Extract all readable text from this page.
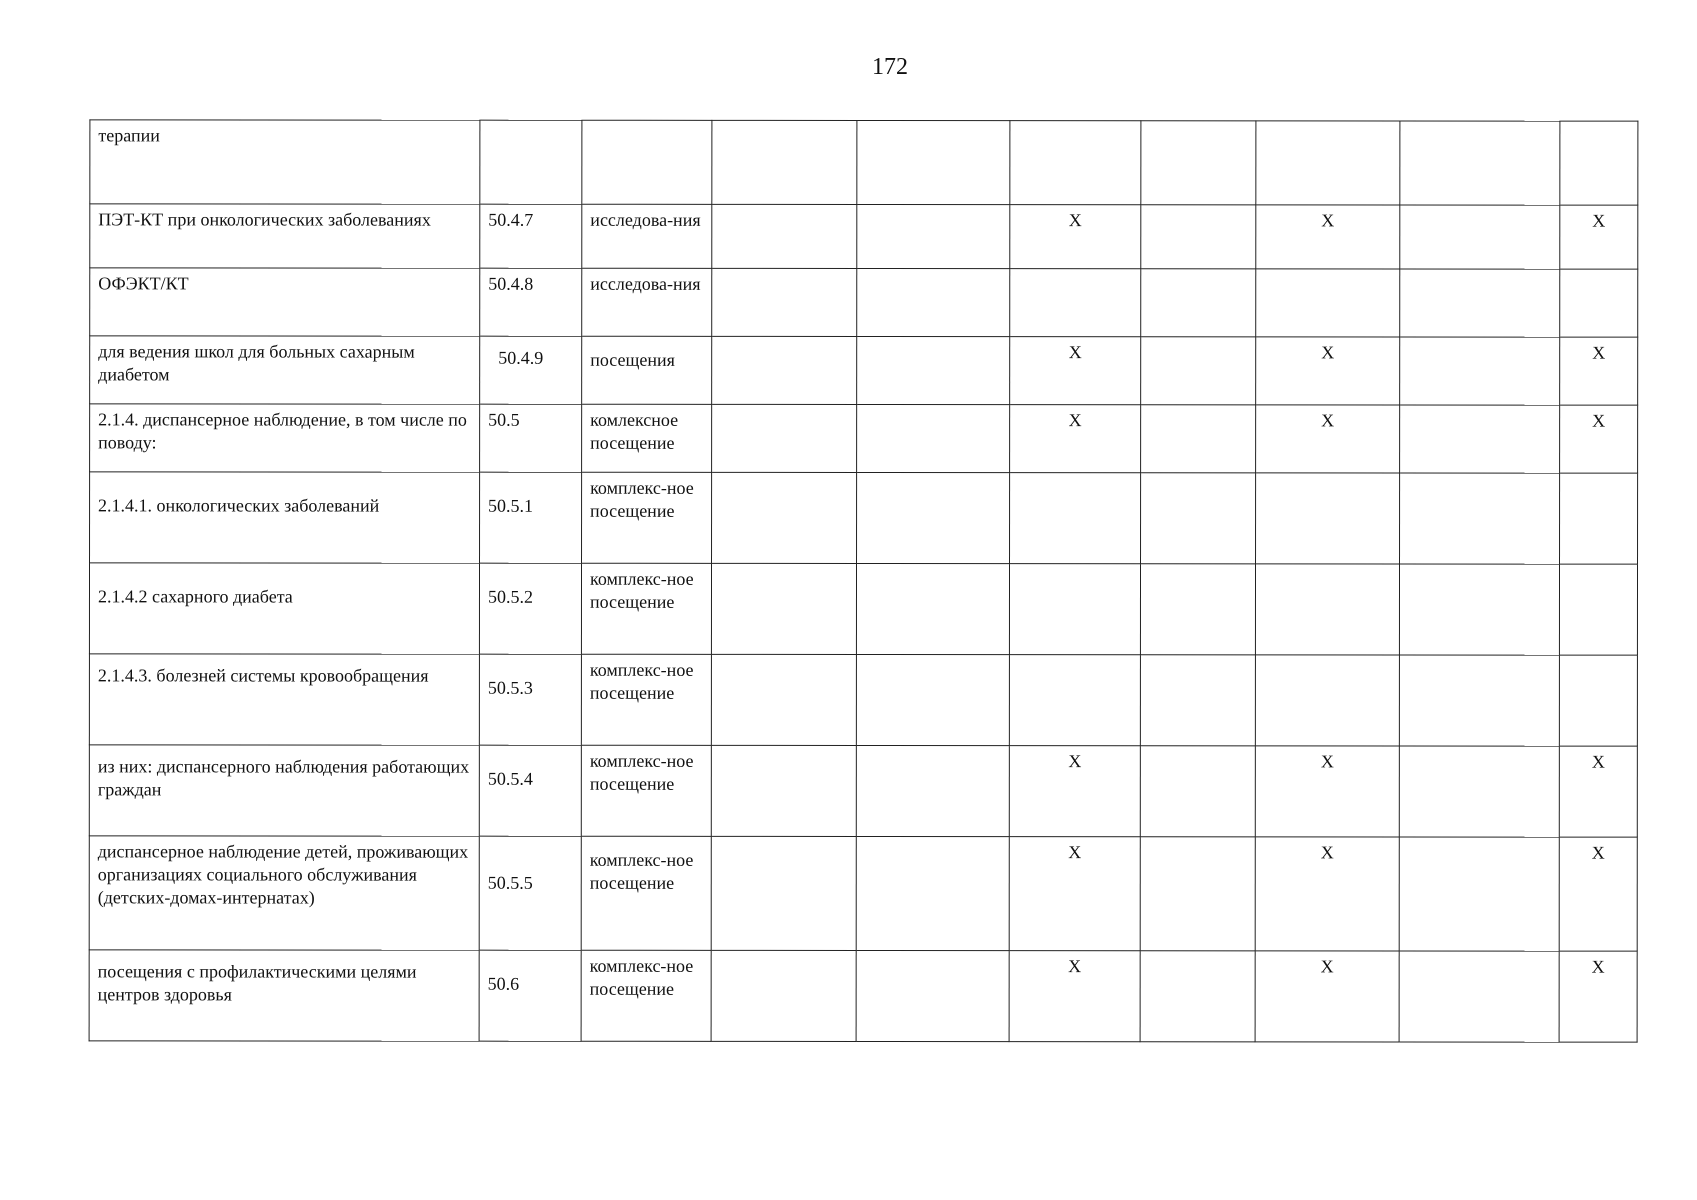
172
терапии									
ПЭТ-КТ при онкологических заболеваниях	50.4.7	исследова-ния			X		X		X
ОФЭКТ/КТ	50.4.8	исследова-ния							
для ведения школ для больных сахарным диабетом	50.4.9	посещения			X		X		X
2.1.4. диспансерное наблюдение, в том числе по поводу:	50.5	комлексное посещение			X		X		X
2.1.4.1. онкологических заболеваний	50.5.1	комплекс-ное посещение							
2.1.4.2 сахарного диабета	50.5.2	комплекс-ное посещение							
2.1.4.3. болезней системы кровообращения	50.5.3	комплекс-ное посещение							
из них: диспансерного наблюдения работающих граждан	50.5.4	комплекс-ное посещение			X		X		X
диспансерное наблюдение детей, проживающих организациях социального обслуживания (детских-домах-интернатах)	50.5.5	комплекс-ное посещение			X		X		X
посещения с профилактическими целями центров здоровья	50.6	комплекс-ное посещение			X		X		X
